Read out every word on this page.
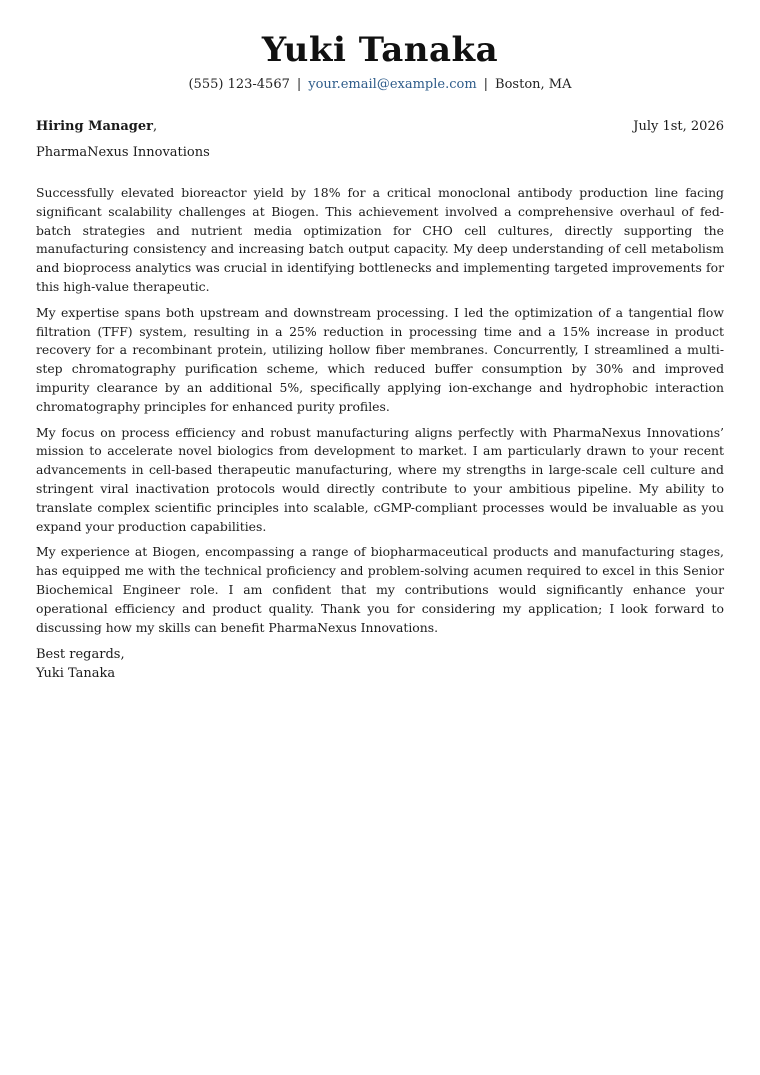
Yuki Tanaka
(555) 123-4567 | your.email@example.com | Boston, MA
Hiring Manager,	July 1st, 2026
PharmaNexus Innovations

Successfully elevated bioreactor yield by 18% for a critical monoclonal antibody production line facing significant scalability challenges at Biogen. This achievement involved a comprehensive overhaul of fed-batch strategies and nutrient media optimization for CHO cell cultures, directly supporting the manufacturing consistency and increasing batch output capacity. My deep understanding of cell metabolism and bioprocess analytics was crucial in identifying bottlenecks and implementing targeted improvements for this high-value therapeutic.

My expertise spans both upstream and downstream processing. I led the optimization of a tangential flow filtration (TFF) system, resulting in a 25% reduction in processing time and a 15% increase in product recovery for a recombinant protein, utilizing hollow fiber membranes. Concurrently, I streamlined a multi-step chromatography purification scheme, which reduced buffer consumption by 30% and improved impurity clearance by an additional 5%, specifically applying ion-exchange and hydrophobic interaction chromatography principles for enhanced purity profiles.

My focus on process efficiency and robust manufacturing aligns perfectly with PharmaNexus Innovations’ mission to accelerate novel biologics from development to market. I am particularly drawn to your recent advancements in cell-based therapeutic manufacturing, where my strengths in large-scale cell culture and stringent viral inactivation protocols would directly contribute to your ambitious pipeline. My ability to translate complex scientific principles into scalable, cGMP-compliant processes would be invaluable as you expand your production capabilities.

My experience at Biogen, encompassing a range of biopharmaceutical products and manufacturing stages, has equipped me with the technical proficiency and problem-solving acumen required to excel in this Senior Biochemical Engineer role. I am confident that my contributions would significantly enhance your operational efficiency and product quality. Thank you for considering my application; I look forward to discussing how my skills can benefit PharmaNexus Innovations.

Best regards,
Yuki Tanaka
